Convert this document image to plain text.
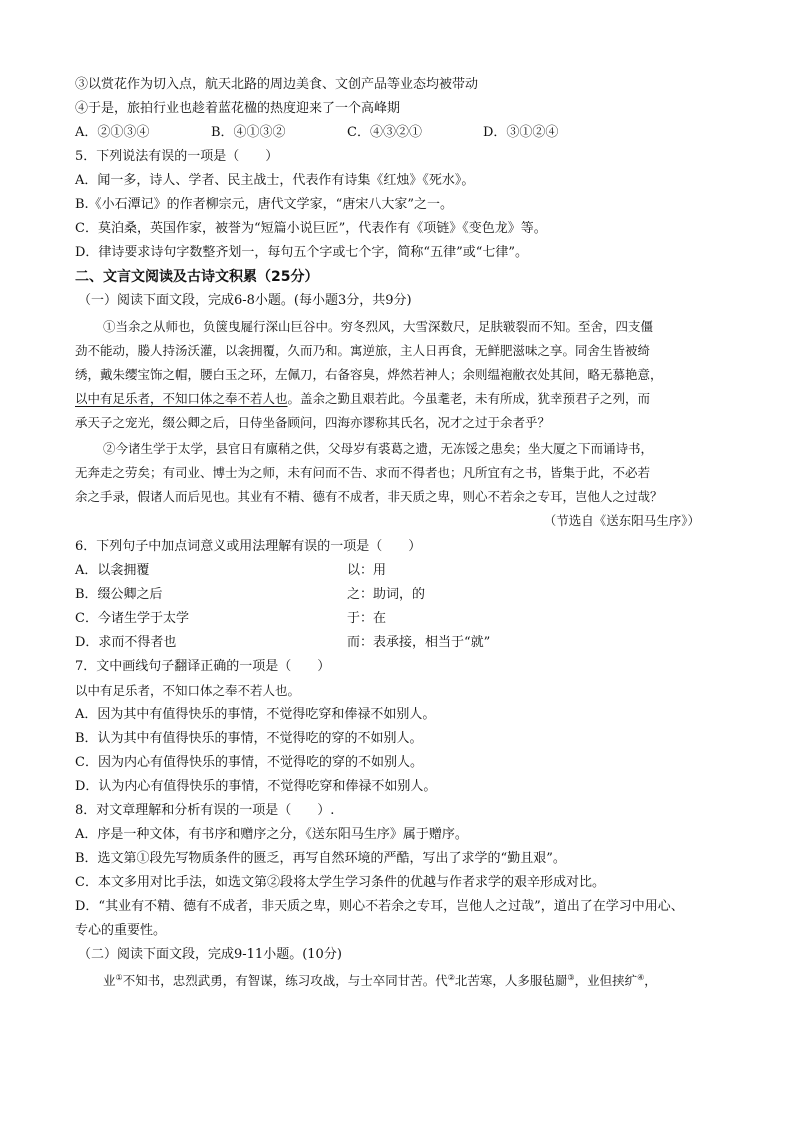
③以赏花作为切入点，航天北路的周边美食、文创产品等业态均被带动
④于是，旅拍行业也趁着蓝花楹的热度迎来了一个高峰期
A．②①③④	B．④①③②	C．④③②①	D．③①②④
5．下列说法有误的一项是（　　）
A．闻一多，诗人、学者、民主战士，代表作有诗集《红烛》《死水》。
B.《小石潭记》的作者柳宗元，唐代文学家，“唐宋八大家”之一。
C．莫泊桑，英国作家，被誉为“短篇小说巨匠”，代表作有《项链》《变色龙》等。
D．律诗要求诗句字数整齐划一，每句五个字或七个字，简称“五律”或“七律”。
二、文言文阅读及古诗文积累（25分）
（一）阅读下面文段，完成6-8小题。(每小题3分，共9分)
①当余之从师也，负箧曳屣行深山巨谷中。穷冬烈风，大雪深数尺，足肤皲裂而不知。至舍，四支僵
劲不能动，媵人持汤沃灌，以衾拥覆，久而乃和。寓逆旅，主人日再食，无鲜肥滋味之享。同舍生皆被绮
绣，戴朱缨宝饰之帽，腰白玉之环，左佩刀，右备容臭，烨然若神人；余则缊袍敝衣处其间，略无慕艳意，
以中有足乐者，不知口体之奉不若人也。盖余之勤且艰若此。今虽耄老，未有所成，犹幸预君子之列，而
承天子之宠光，缀公卿之后，日侍坐备顾问，四海亦谬称其氏名，况才之过于余者乎？
②今诸生学于太学，县官日有廪稍之供，父母岁有裘葛之遗，无冻馁之患矣；坐大厦之下而诵诗书，
无奔走之劳矣；有司业、博士为之师，未有问而不告、求而不得者也；凡所宜有之书，皆集于此，不必若
余之手录，假诸人而后见也。其业有不精、德有不成者，非天质之卑，则心不若余之专耳，岂他人之过哉？
（节选自《送东阳马生序》）
6．下列句子中加点词意义或用法理解有误的一项是（　　）
A．以衾拥覆	以：用
B．缀公卿之后	之：助词，的
C．今诸生学于太学	于：在
D．求而不得者也	而：表承接，相当于“就”
7．文中画线句子翻译正确的一项是（　　）
以中有足乐者，不知口体之奉不若人也。
A．因为其中有值得快乐的事情，不觉得吃穿和俸禄不如别人。
B．认为其中有值得快乐的事情，不觉得吃的穿的不如别人。
C．因为内心有值得快乐的事情，不觉得吃的穿的不如别人。
D．认为内心有值得快乐的事情，不觉得吃穿和俸禄不如别人。
8．对文章理解和分析有误的一项是（　　）.
A．序是一种文体，有书序和赠序之分，《送东阳马生序》属于赠序。
B．选文第①段先写物质条件的匮乏，再写自然环境的严酷，写出了求学的“勤且艰”。
C．本文多用对比手法，如选文第②段将太学生学习条件的优越与作者求学的艰辛形成对比。
D．“其业有不精、德有不成者，非天质之卑，则心不若余之专耳，岂他人之过哉”，道出了在学习中用心、
专心的重要性。
（二）阅读下面文段，完成9-11小题。(10分)
业①不知书，忠烈武勇，有智谋，练习攻战，与士卒同甘苦。代②北苦寒，人多服毡罽③，业但挟纩④，
